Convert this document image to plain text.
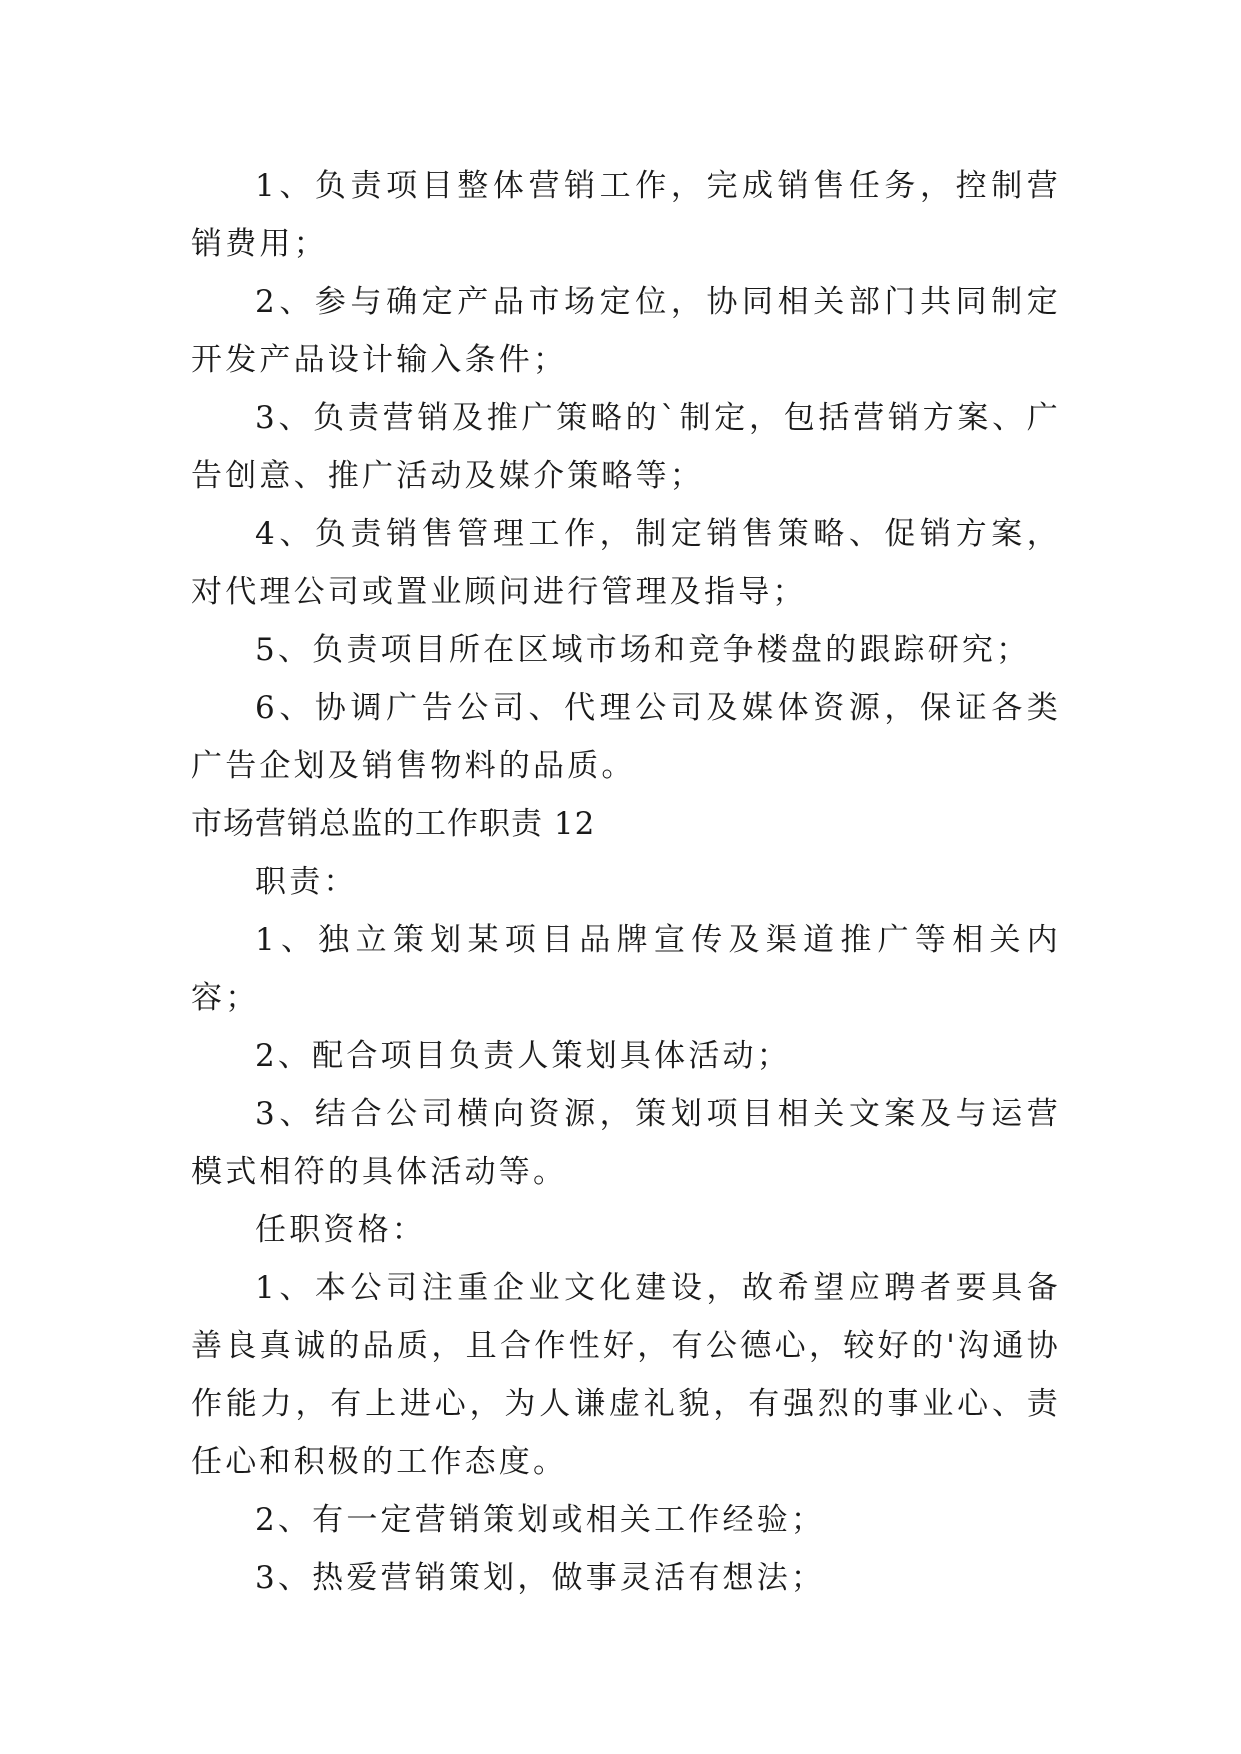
1、负责项目整体营销工作，完成销售任务，控制营销费用；

2、参与确定产品市场定位，协同相关部门共同制定开发产品设计输入条件；

3、负责营销及推广策略的`制定，包括营销方案、广告创意、推广活动及媒介策略等；

4、负责销售管理工作，制定销售策略、促销方案，对代理公司或置业顾问进行管理及指导；

5、负责项目所在区域市场和竞争楼盘的跟踪研究；

6、协调广告公司、代理公司及媒体资源，保证各类广告企划及销售物料的品质。

市场营销总监的工作职责 12

职责：

1、独立策划某项目品牌宣传及渠道推广等相关内容；

2、配合项目负责人策划具体活动；

3、结合公司横向资源，策划项目相关文案及与运营模式相符的具体活动等。

任职资格：

1、本公司注重企业文化建设，故希望应聘者要具备善良真诚的品质，且合作性好，有公德心，较好的'沟通协作能力，有上进心，为人谦虚礼貌，有强烈的事业心、责任心和积极的工作态度。

2、有一定营销策划或相关工作经验；

3、热爱营销策划，做事灵活有想法；
